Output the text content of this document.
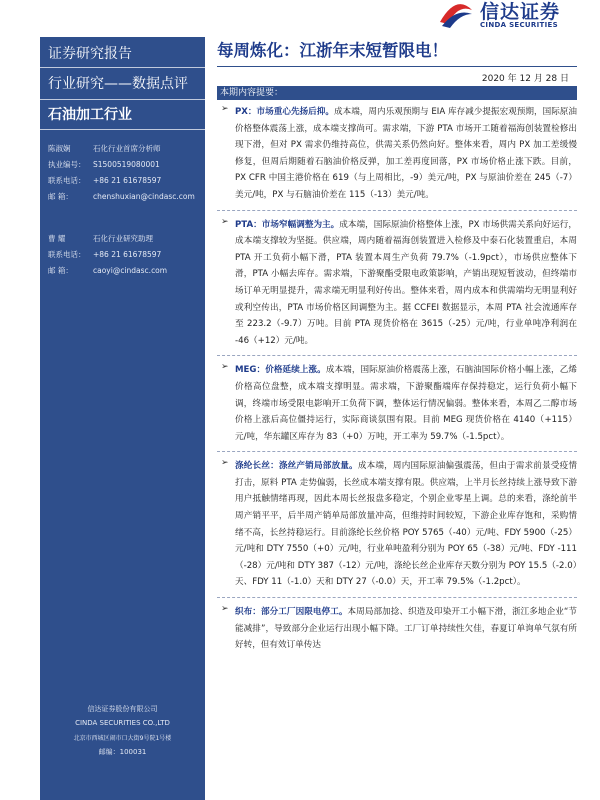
信达证券
CINDA SECURITIES
证券研究报告
行业研究——数据点评
石油加工行业
陈淑娴	石化行业首席分析师
执业编号： S1500519080001
联系电话： +86 21 61678597
邮 箱：	chenshuxian@cindasc.com
曹 耀	石化行业研究助理
联系电话： +86 21 61678597
邮 箱：	caoyi@cindasc.com
信达证券股份有限公司
CINDA SECURITIES CO.,LTD
北京市西城区闹市口大街9号院1号楼
邮编：100031
每周炼化：江浙年末短暂限电！
2020 年 12 月 28 日
本期内容提要：
➢ PX：市场重心先扬后抑。成本端，周内乐观预期与 EIA 库存减少提振宏观预期，国际原油价格整体震荡上涨，成本端支撑尚可。需求端，下游 PTA 市场开工随着福海创装置检修出现下滑，但对 PX 需求仍维持高位，供需关系仍然向好。整体来看，周内 PX 加工差缓慢修复，但周后期随着石脑油价格反弹，加工差再度回落，PX 市场价格止涨下跌。目前，PX CFR 中国主港价格在 619（与上周相比，-9）美元/吨，PX 与原油价差在 245（-7）美元/吨，PX 与石脑油价差在 115（-13）美元/吨。

➢ PTA：市场窄幅调整为主。成本端，国际原油价格整体上涨，PX 市场供需关系向好运行，成本端支撑较为坚挺。供应端，周内随着福海创装置进入检修及中泰石化装置重启，本周 PTA 开工负荷小幅下滑，PTA 装置本周生产负荷 79.7%（-1.9pct），市场供应整体下滑，PTA 小幅去库存。需求端，下游聚酯受限电政策影响，产销出现短暂波动，但终端市场订单无明显提升，需求端无明显利好传出。整体来看，周内成本和供需端均无明显利好或利空传出，PTA 市场价格区间调整为主。据 CCFEI 数据显示，本周 PTA 社会流通库存至 223.2（-9.7）万吨。目前 PTA 现货价格在 3615（-25）元/吨，行业单吨净利润在 -46（+12）元/吨。

➢ MEG：价格延续上涨。成本端，国际原油价格震荡上涨，石脑油国际价格小幅上涨，乙烯价格高位盘整，成本端支撑明显。需求端，下游聚酯端库存保持稳定，运行负荷小幅下调，终端市场受限电影响开工负荷下调，整体运行情况偏弱。整体来看，本周乙二醇市场价格上涨后高位僵持运行，实际商谈氛围有限。目前 MEG 现货价格在 4140（+115）元/吨，华东罐区库存为 83（+0）万吨，开工率为 59.7%（-1.5pct）。

➢ 涤纶长丝：涤丝产销局部放量。成本端，周内国际原油偏强震荡，但由于需求前景受疫情打击，原料 PTA 走势偏弱，长丝成本端支撑有限。供应端，上半月长丝持续上涨导致下游用户抵触情绪再现，因此本周长丝报盘多稳定，个别企业零星上调。总的来看，涤纶前半周产销平平，后半周产销单局部放量冲高，但维持时间较短，下游企业库存饱和，采购情绪不高，长丝持稳运行。目前涤纶长丝价格 POY 5765（-40）元/吨、FDY 5900（-25）元/吨和 DTY 7550（+0）元/吨，行业单吨盈利分别为 POY 65（-38）元/吨、FDY -111（-28）元/吨和 DTY 387（-12）元/吨，涤纶长丝企业库存天数分别为 POY 15.5（-2.0）天、FDY 11（-1.0）天和 DTY 27（-0.0）天，开工率 79.5%（-1.2pct）。

➢ 织布：部分工厂因限电停工。本周局部加捻、织造及印染开工小幅下滑，浙江多地企业“节能减排”，导致部分企业运行出现小幅下降。工厂订单持续性欠佳，春夏订单询单气氛有所好转，但有效订单传达
